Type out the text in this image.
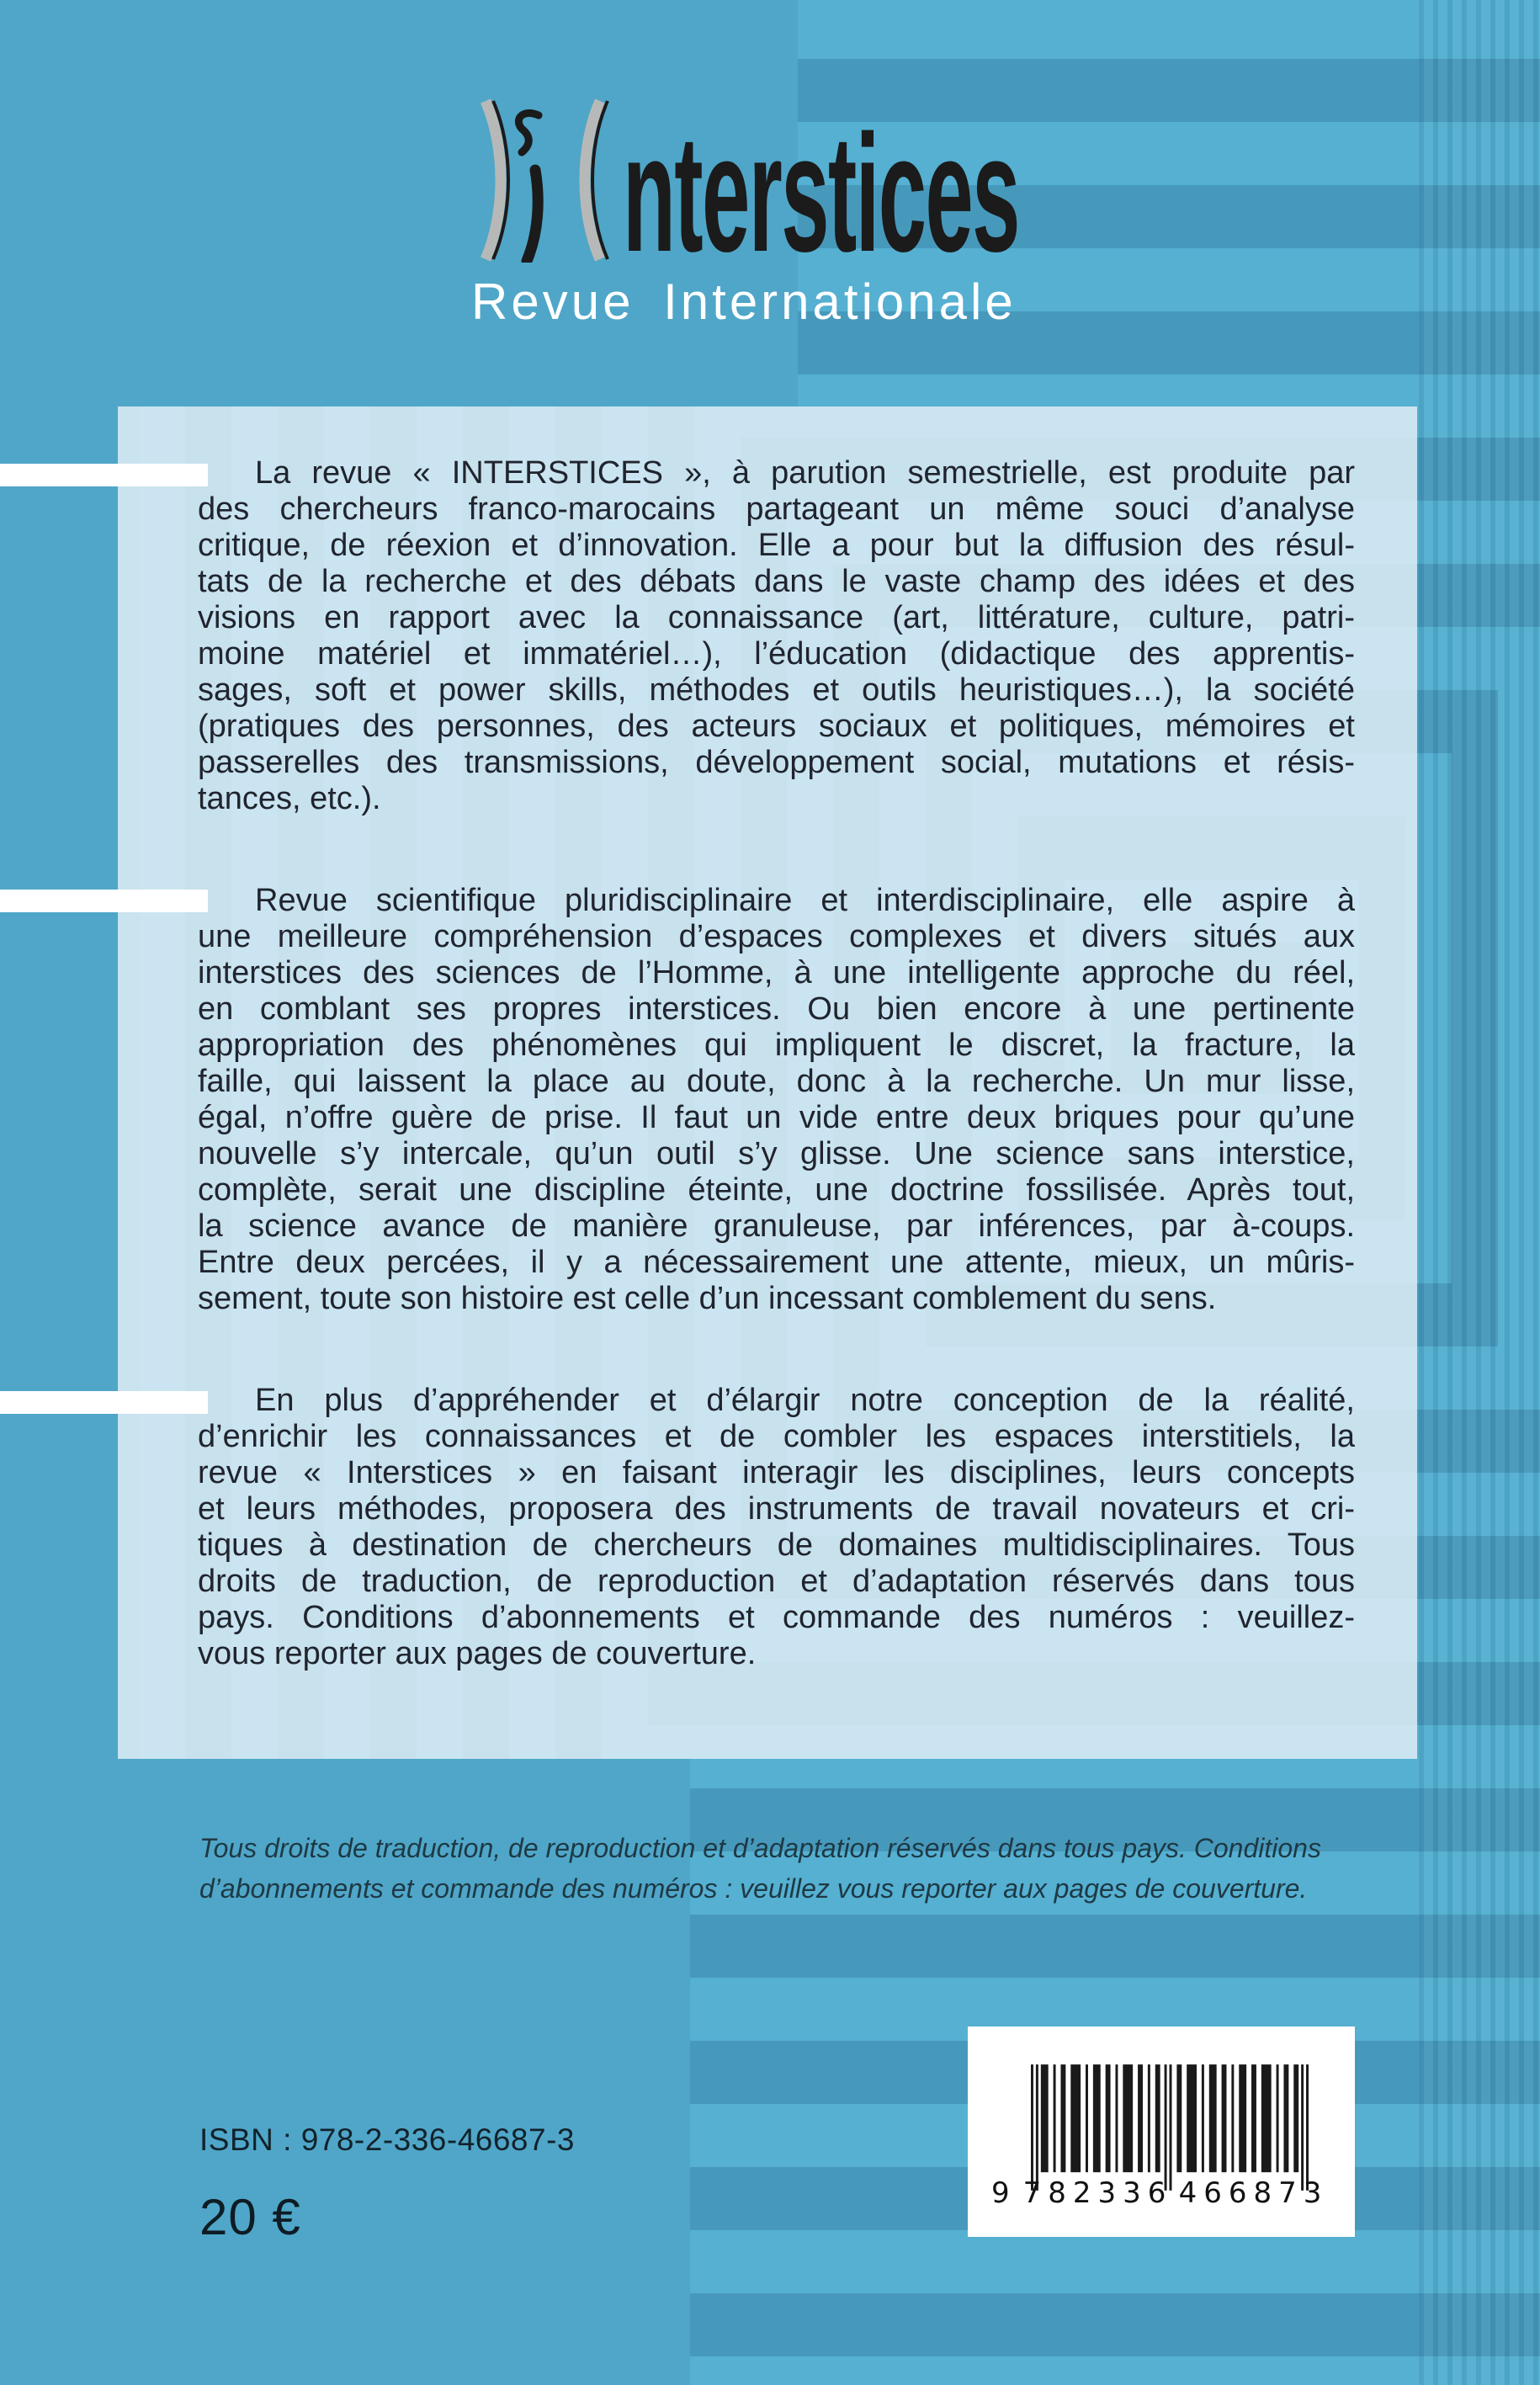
nterstices
Revue Internationale
La revue « INTERSTICES », à parution semestrielle, est produite par
des chercheurs franco-marocains partageant un même souci d’analyse
critique, de réexion et d’innovation. Elle a pour but la diffusion des résul-
tats de la recherche et des débats dans le vaste champ des idées et des
visions en rapport avec la connaissance (art, littérature, culture, patri-
moine matériel et immatériel…), l’éducation (didactique des apprentis-
sages, soft et power skills, méthodes et outils heuristiques…), la société
(pratiques des personnes, des acteurs sociaux et politiques, mémoires et
passerelles des transmissions, développement social, mutations et résis-
tances, etc.).
Revue scientifique pluridisciplinaire et interdisciplinaire, elle aspire à
une meilleure compréhension d’espaces complexes et divers situés aux
interstices des sciences de l’Homme, à une intelligente approche du réel,
en comblant ses propres interstices. Ou bien encore à une pertinente
appropriation des phénomènes qui impliquent le discret, la fracture, la
faille, qui laissent la place au doute, donc à la recherche. Un mur lisse,
égal, n’offre guère de prise. Il faut un vide entre deux briques pour qu’une
nouvelle s’y intercale, qu’un outil s’y glisse. Une science sans interstice,
complète, serait une discipline éteinte, une doctrine fossilisée. Après tout,
la science avance de manière granuleuse, par inférences, par à-coups.
Entre deux percées, il y a nécessairement une attente, mieux, un mûris-
sement, toute son histoire est celle d’un incessant comblement du sens.
En plus d’appréhender et d’élargir notre conception de la réalité,
d’enrichir les connaissances et de combler les espaces interstitiels, la
revue « Interstices » en faisant interagir les disciplines, leurs concepts
et leurs méthodes, proposera des instruments de travail novateurs et cri-
tiques à destination de chercheurs de domaines multidisciplinaires. Tous
droits de traduction, de reproduction et d’adaptation réservés dans tous
pays. Conditions d’abonnements et commande des numéros : veuillez-
vous reporter aux pages de couverture.
Tous droits de traduction, de reproduction et d’adaptation réservés dans tous pays. Conditions
d’abonnements et commande des numéros : veuillez vous reporter aux pages de couverture.
ISBN : 978-2-336-46687-3
20 €	9 782336 466873
